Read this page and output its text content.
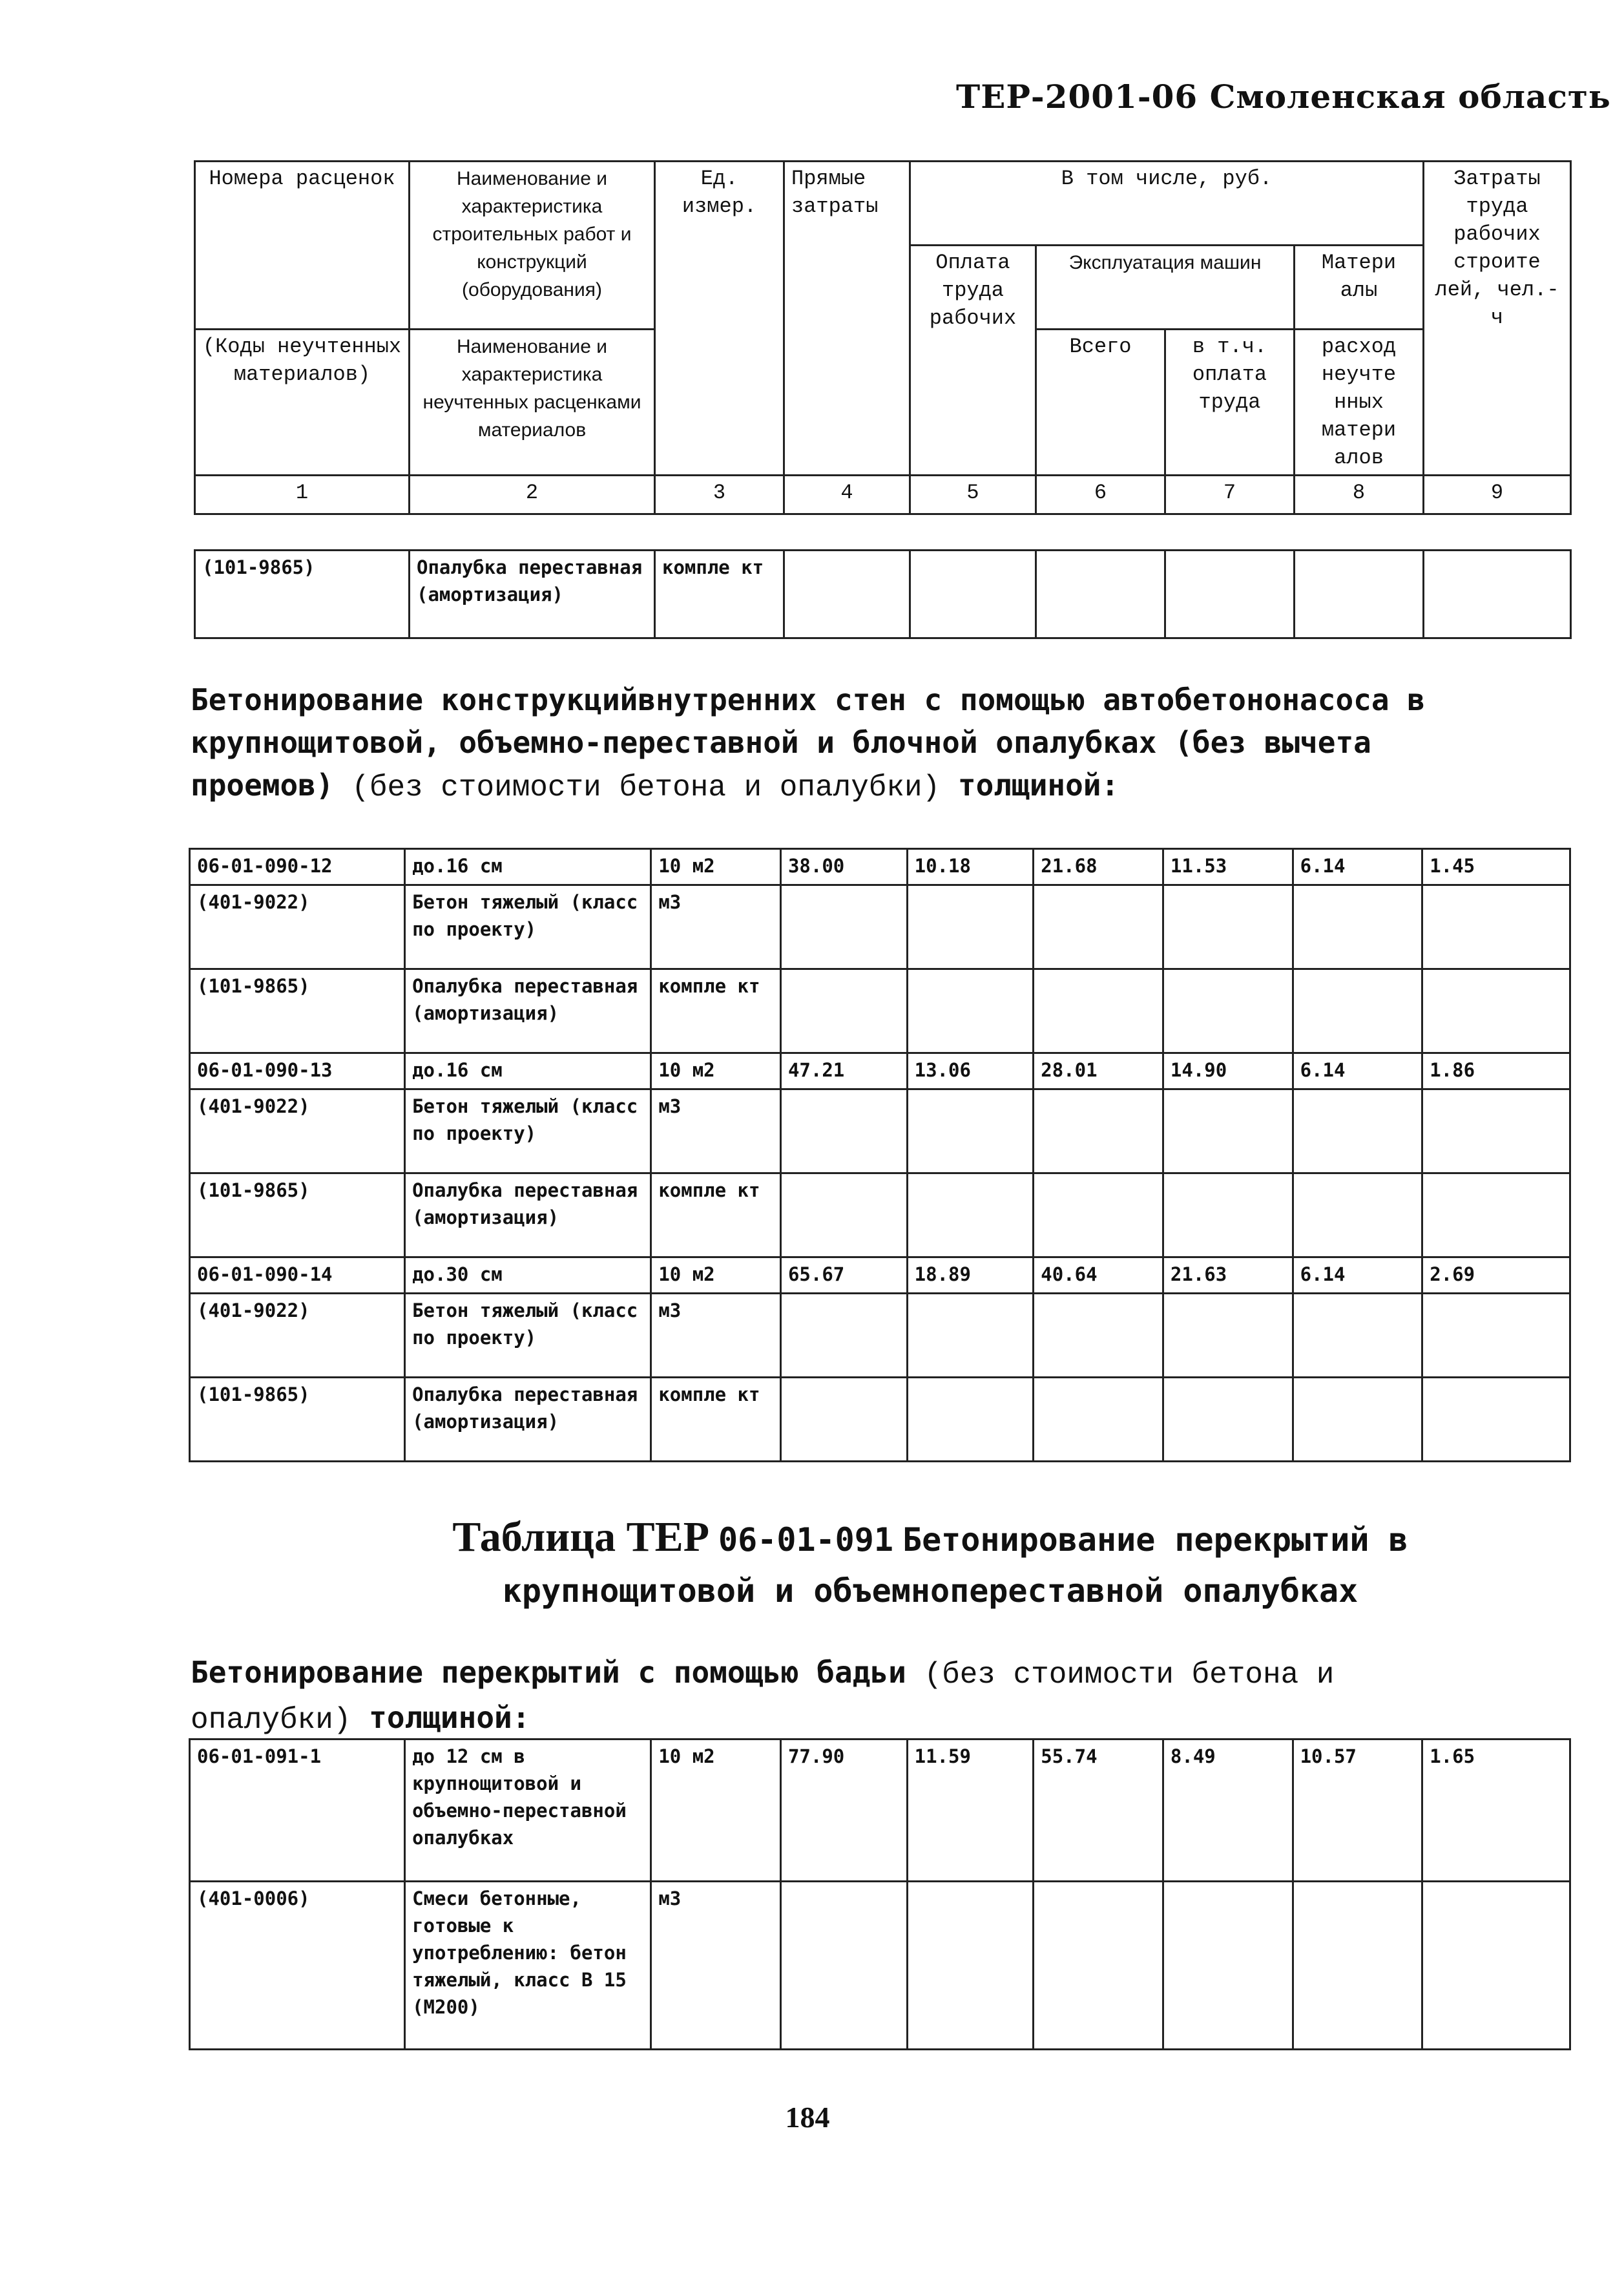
ТЕР-2001-06 Смоленская область
Номера расценок	Наименование и характеристика строительных работ и конструкций (оборудования)	Ед. измер.	Прямые затраты	В том числе, руб.				Затраты труда рабочих строите лей, чел.-ч
				Оплата труда рабочих	Эксплуатация машин		Матери алы	
(Коды неучтенных материалов)	Наименование и характеристика неучтенных расценками материалов				Всего	в т.ч. оплата труда	расход неучте нных матери алов	
1	2	3	4	5	6	7	8	9
(101-9865)	Опалубка переставная (амортизация)	компле кт						
Бетонирование конструкцийвнутренних стен с помощью автобетононасоса в крупнощитовой, объемно-переставной и блочной опалубках (без вычета проемов) (без стоимости бетона и опалубки) толщиной:
06-01-090-12	до.16 см	10 м2	38.00	10.18	21.68	11.53	6.14	1.45
(401-9022)	Бетон тяжелый (класс по проекту)	м3						
(101-9865)	Опалубка переставная (амортизация)	компле кт						
06-01-090-13	до.16 см	10 м2	47.21	13.06	28.01	14.90	6.14	1.86
(401-9022)	Бетон тяжелый (класс по проекту)	м3						
(101-9865)	Опалубка переставная (амортизация)	компле кт						
06-01-090-14	до.30 см	10 м2	65.67	18.89	40.64	21.63	6.14	2.69
(401-9022)	Бетон тяжелый (класс по проекту)	м3						
(101-9865)	Опалубка переставная (амортизация)	компле кт						
Таблица ТЕР 06-01-091 Бетонирование перекрытий в крупнощитовой и объемнопереставной опалубках
Бетонирование перекрытий с помощью бадьи (без стоимости бетона и опалубки) толщиной:
06-01-091-1	до 12 см в крупнощитовой и объемно-переставной опалубках	10 м2	77.90	11.59	55.74	8.49	10.57	1.65
(401-0006)	Смеси бетонные, готовые к употреблению: бетон тяжелый, класс В 15 (М200)	м3						
184
